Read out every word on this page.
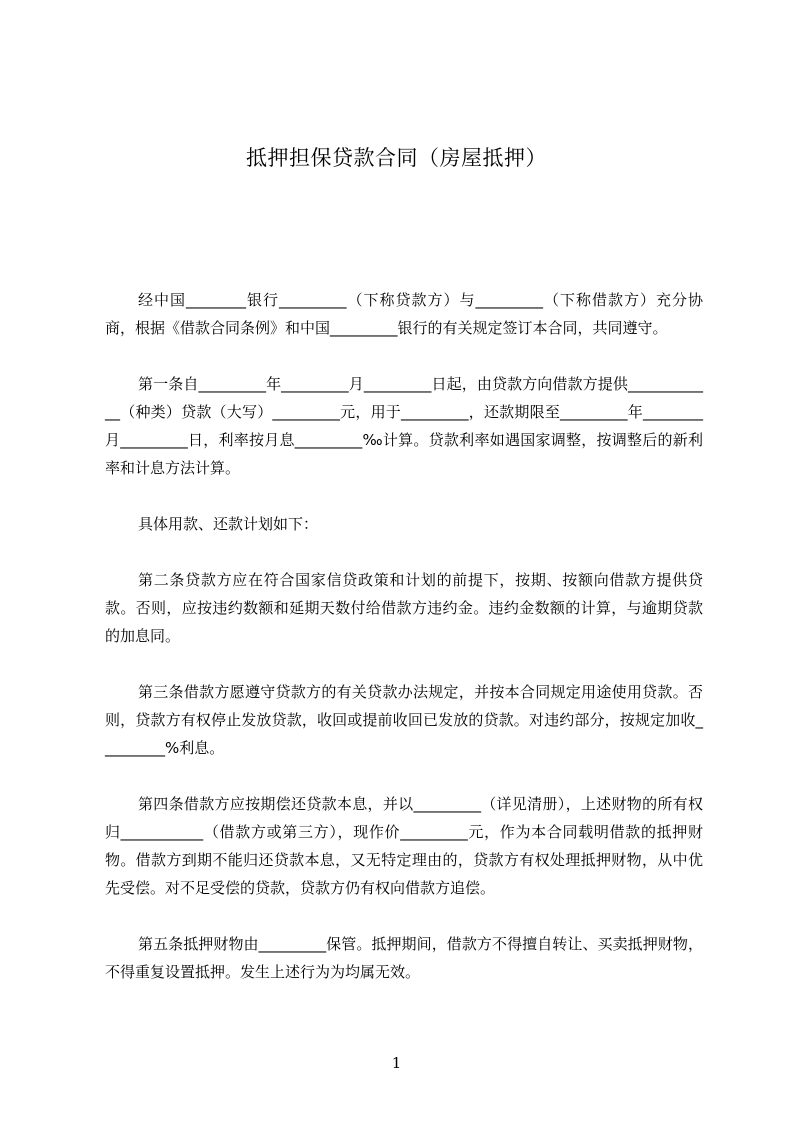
抵押担保贷款合同（房屋抵押）

经中国________银行_________（下称贷款方）与_________（下称借款方）充分协商，根据《借款合同条例》和中国_________银行的有关规定签订本合同，共同遵守。

第一条自_________年_________月_________日起，由贷款方向借款方提供____________（种类）贷款（大写）_________元，用于_________，还款期限至_________年________月_________日，利率按月息_________‰计算。贷款利率如遇国家调整，按调整后的新利率和计息方法计算。

具体用款、还款计划如下：

第二条贷款方应在符合国家信贷政策和计划的前提下，按期、按额向借款方提供贷款。否则，应按违约数额和延期天数付给借款方违约金。违约金数额的计算，与逾期贷款的加息同。

第三条借款方愿遵守贷款方的有关贷款办法规定，并按本合同规定用途使用贷款。否则，贷款方有权停止发放贷款，收回或提前收回已发放的贷款。对违约部分，按规定加收_________%利息。

第四条借款方应按期偿还贷款本息，并以_________（详见清册），上述财物的所有权归___________（借款方或第三方），现作价_________元，作为本合同载明借款的抵押财物。借款方到期不能归还贷款本息，又无特定理由的，贷款方有权处理抵押财物，从中优先受偿。对不足受偿的贷款，贷款方仍有权向借款方追偿。

第五条抵押财物由_________保管。抵押期间，借款方不得擅自转让、买卖抵押财物，不得重复设置抵押。发生上述行为为均属无效。

1
